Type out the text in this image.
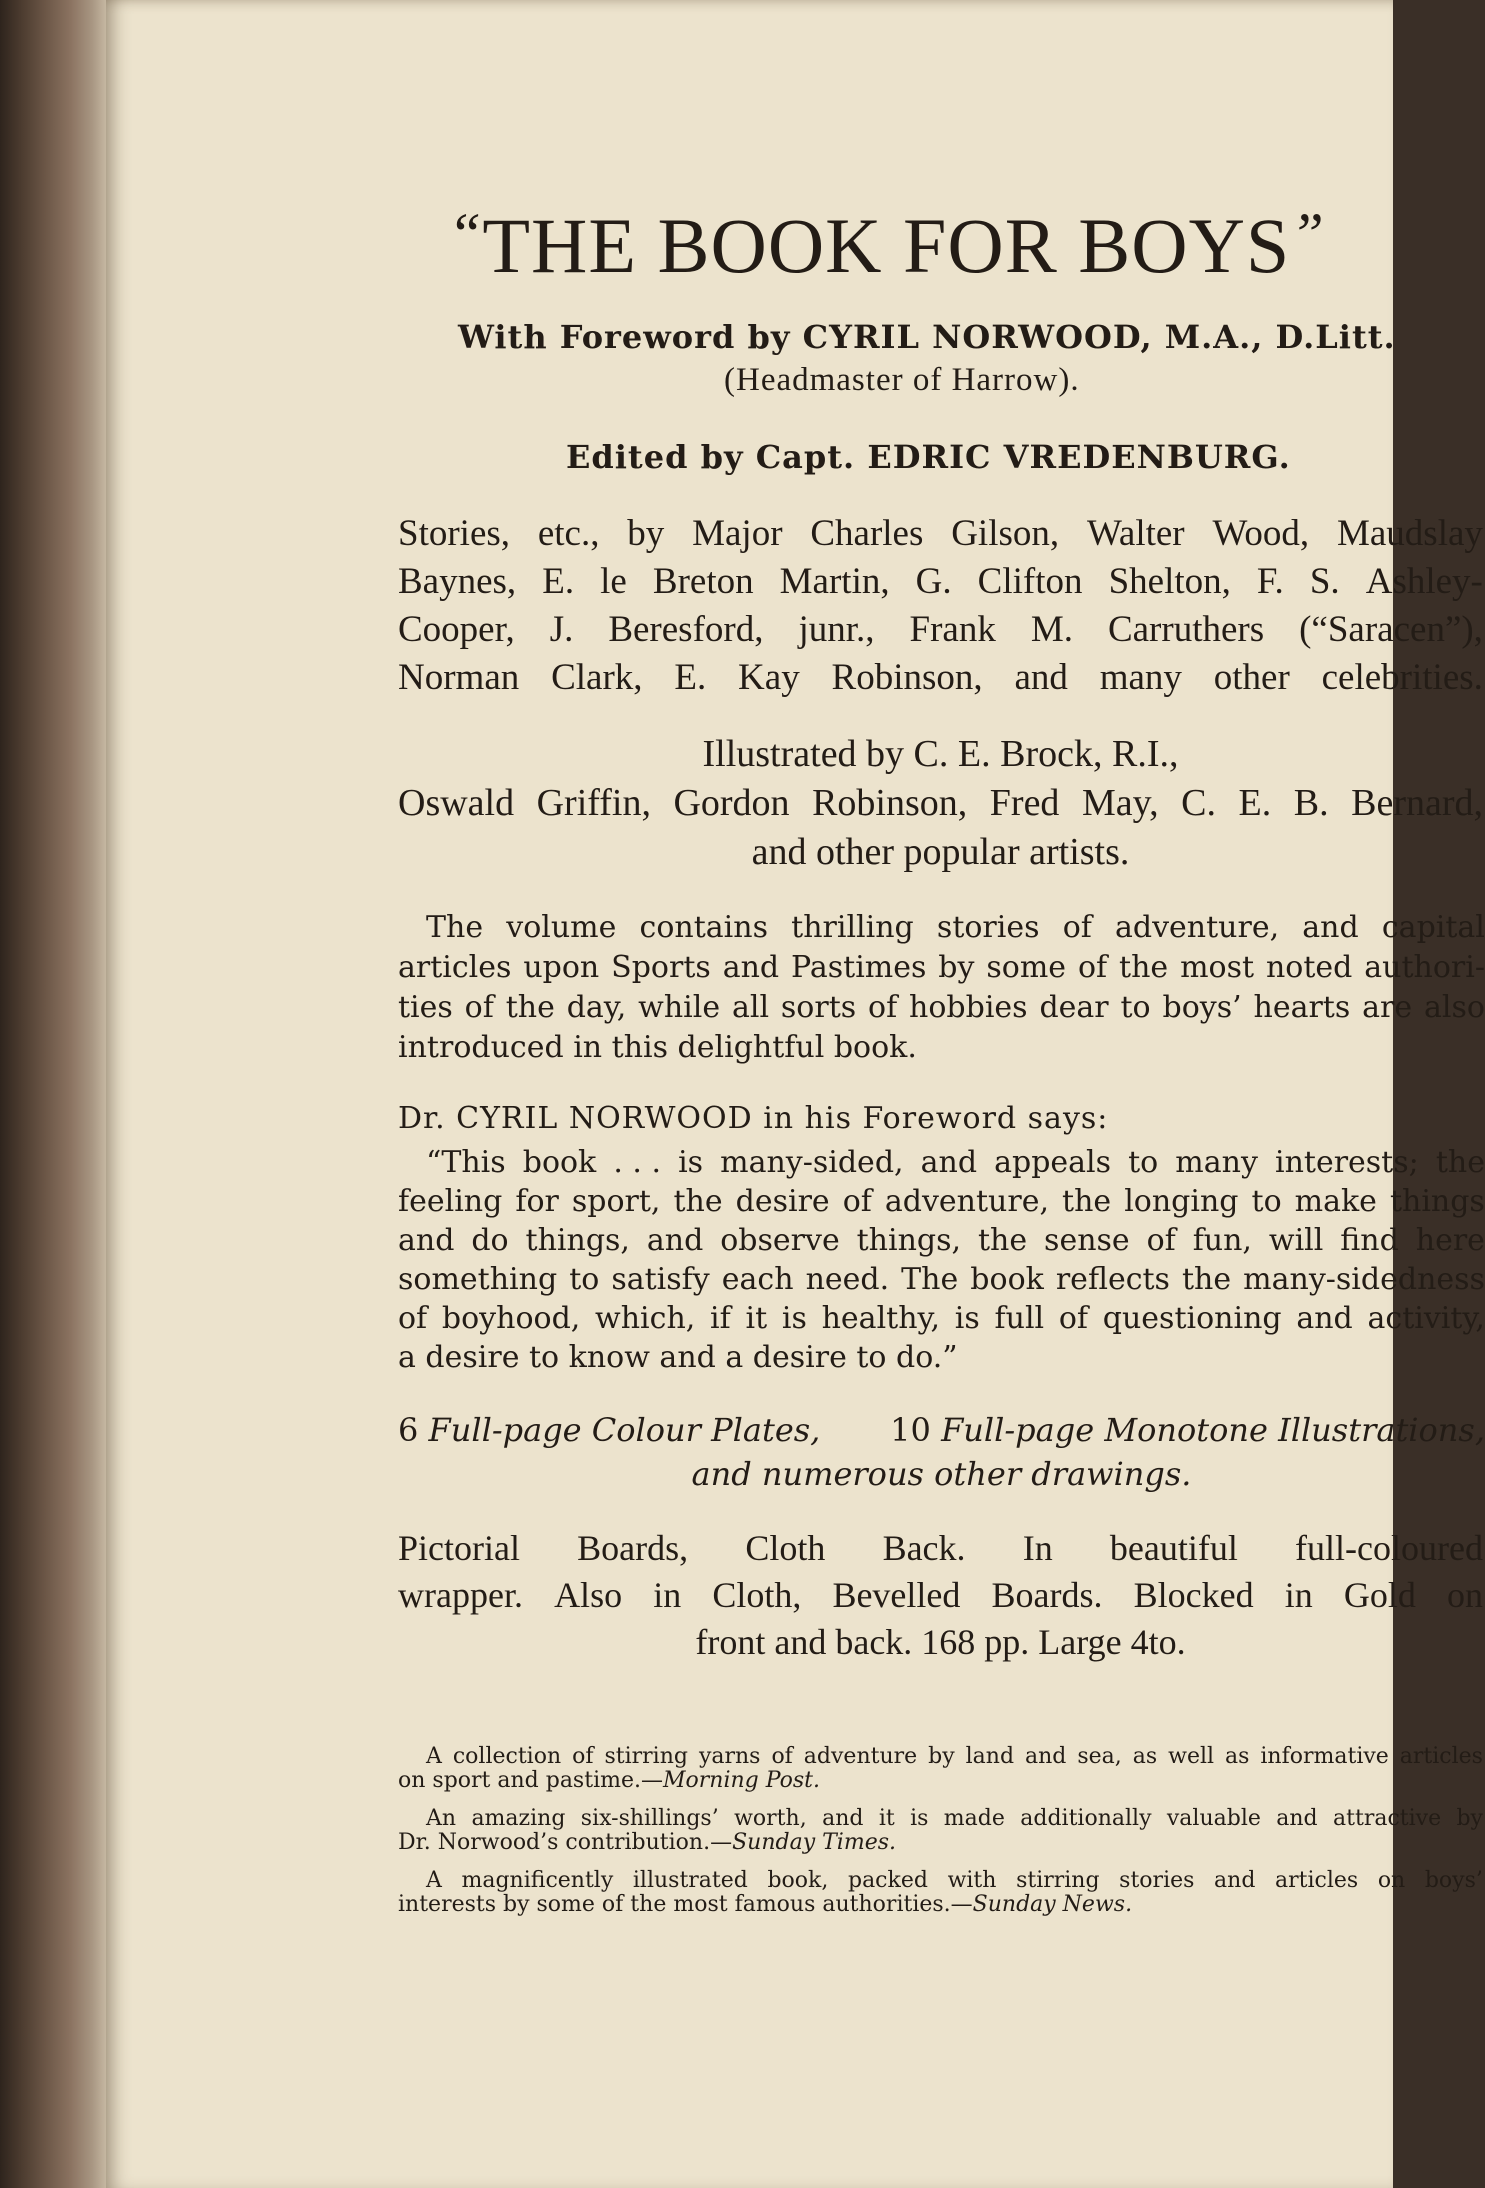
“THE BOOK FOR BOYS”

With Foreword by CYRIL NORWOOD, M.A., D.Litt.

(Headmaster of Harrow).

Edited by Capt. EDRIC VREDENBURG.

Stories, etc., by Major Charles Gilson, Walter Wood, Maudslay
Baynes, E. le Breton Martin, G. Clifton Shelton, F. S. Ashley-
Cooper, J. Beresford, junr., Frank M. Carruthers (“Saracen”),
Norman Clark, E. Kay Robinson, and many other celebrities.
Illustrated by C. E. Brock, R.I.,
Oswald Griffin, Gordon Robinson, Fred May, C. E. B. Bernard,
and other popular artists.
The volume contains thrilling stories of adventure, and capital
articles upon Sports and Pastimes by some of the most noted authori-
ties of the day, while all sorts of hobbies dear to boys’ hearts are also
introduced in this delightful book.

Dr. CYRIL NORWOOD in his Foreword says:

“This book . . . is many-sided, and appeals to many interests; the
feeling for sport, the desire of adventure, the longing to make things
and do things, and observe things, the sense of fun, will find here
something to satisfy each need. The book reflects the many-sidedness
of boyhood, which, if it is healthy, is full of questioning and activity,
a desire to know and a desire to do.”
6 Full-page Colour Plates, 10 Full-page Monotone Illustrations,
and numerous other drawings.
Pictorial Boards, Cloth Back. In beautiful full-coloured
wrapper. Also in Cloth, Bevelled Boards. Blocked in Gold on
front and back. 168 pp. Large 4to.
A collection of stirring yarns of adventure by land and sea, as well as informative articles
on sport and pastime.—Morning Post.
An amazing six-shillings’ worth, and it is made additionally valuable and attractive by
Dr. Norwood’s contribution.—Sunday Times.
A magnificently illustrated book, packed with stirring stories and articles on boys’
interests by some of the most famous authorities.—Sunday News.
